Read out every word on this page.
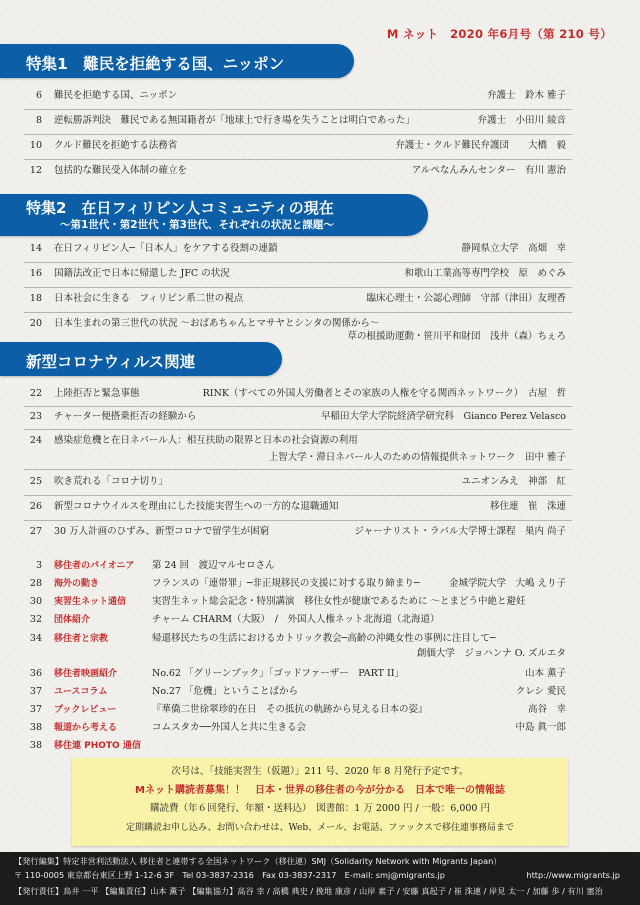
M ネット　2020 年6月号（第 210 号）
特集1　難民を拒絶する国、ニッポン
6 難民を拒絶する国、ニッポン	弁護士　鈴木 雅子
8 逆転勝訴判決　難民である無国籍者が「地球上で行き場を失うことは明白であった」	弁護士　小田川 綾音
10 クルド難民を拒絶する法務省	弁護士・クルド難民弁護団　　大橋　毅
12 包括的な難民受入体制の確立を	アルペなんみんセンター　有川 憲治
特集2　在日フィリピン人コミュニティの現在
～第1世代・第2世代・第3世代、それぞれの状況と課題～
14 在日フィリピン人─「日本人」をケアする役割の連鎖	静岡県立大学　高畑　幸
16 国籍法改正で日本に帰還した JFC の状況	和歌山工業高等専門学校　原　めぐみ
18 日本社会に生きる　フィリピン系二世の視点	臨床心理士・公認心理師　守部（津田）友理香
20 日本生まれの第三世代の状況 ～おばあちゃんとマサヤとシンタの関係から～
草の根援助運動・笹川平和財団　浅井（森）ちぇろ
新型コロナウィルス関連
22 上陸拒否と緊急事態	RINK（すべての外国人労働者とその家族の人権を守る関西ネットワーク）　古屋　哲
23 チャーター便搭乗拒否の経験から	早稲田大学大学院経済学研究科　Gianco Perez Velasco
24 感染症危機と在日ネパール人：相互扶助の限界と日本の社会資源の利用
上智大学・滞日ネパール人のための情報提供ネットワーク　田中 雅子
25 吹き荒れる「コロナ切り」	ユニオンみえ　神部　紅
26 新型コロナウイルスを理由にした技能実習生への一方的な退職通知	移住連　崔　洙連
27 30 万人計画のひずみ、新型コロナで留学生が困窮	ジャーナリスト・ラバル大学博士課程　巣内 尚子
3 移住者のパイオニア 第 24 回　渡辺マルセロさん
28 海外の動き	フランスの「連帯罪」─非正規移民の支援に対する取り締まり─	金城学院大学　大嶋 えり子
30 実習生ネット通信	実習生ネット総会記念・特別講演　移住女性が健康であるために ～とまどう中絶と避妊
32 団体紹介	チャーム CHARM（大阪）　/　外国人人権ネット北海道（北海道）
34 移住者と宗教	帰還移民たちの生活におけるカトリック教会─高齢の沖縄女性の事例に注目して─
創価大学　ジョハンナ O. ズルエタ
36 移住者映画紹介	No.62 「グリーンブック」「ゴッドファーザー　PART II」	山本 薫子
37 ユースコラム	No.27 「危機」ということばから	クレシ 愛民
37 ブックレビュー	『華僑二世徐翠珍的在日　その抵抗の軌跡から見える日本の姿』	高谷　幸
38 報道から考える	コムスタカ──外国人と共に生きる会	中島 眞一郎
38 移住連 PHOTO 通信
次号は、「技能実習生（仮題）」211 号、2020 年 8 月発行予定です。
Mネット購読者募集！！　日本・世界の移住者の今が分かる　日本で唯一の情報誌
購読費（年６回発行、年額・送料込）　図書館：1 万 2000 円 / 一般：6,000 円
定期購読お申し込み、お問い合わせは、Web、メール、お電話、ファックスで移住連事務局まで
【発行編集】特定非営利活動法人 移住者と連帯する全国ネットワーク（移住連）SMJ（Solidarity Network with Migrants Japan）
〒 110-0005 東京都台東区上野 1-12-6 3F　Tel 03-3837-2316　Fax 03-3837-2317　E-mail: smj@migrants.jp	http://www.migrants.jp
【発行責任】鳥井 一平 【編集責任】山本 薫子 【編集協力】高谷 幸 / 高橋 典史 / 挽地 康彦 / 山岸 素子 / 安藤 真起子 / 崔 洙連 / 岸見 太一 / 加藤 歩 / 有川 憲治
